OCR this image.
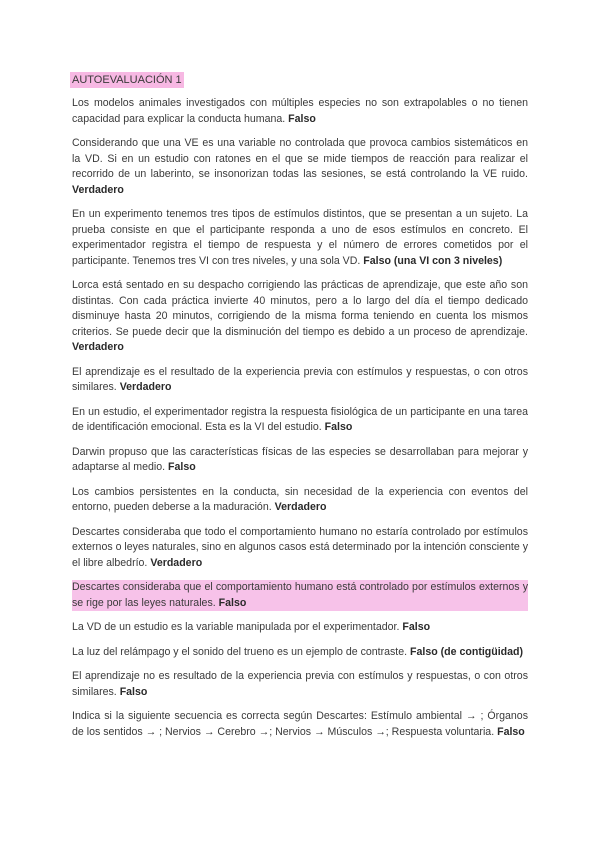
AUTOEVALUACIÓN 1

Los modelos animales investigados con múltiples especies no son extrapolables o no tienen capacidad para explicar la conducta humana. Falso

Considerando que una VE es una variable no controlada que provoca cambios sistemáticos en la VD. Si en un estudio con ratones en el que se mide tiempos de reacción para realizar el recorrido de un laberinto, se insonorizan todas las sesiones, se está controlando la VE ruido. Verdadero

En un experimento tenemos tres tipos de estímulos distintos, que se presentan a un sujeto. La prueba consiste en que el participante responda a uno de esos estímulos en concreto. El experimentador registra el tiempo de respuesta y el número de errores cometidos por el participante. Tenemos tres VI con tres niveles, y una sola VD. Falso (una VI con 3 niveles)

Lorca está sentado en su despacho corrigiendo las prácticas de aprendizaje, que este año son distintas. Con cada práctica invierte 40 minutos, pero a lo largo del día el tiempo dedicado disminuye hasta 20 minutos, corrigiendo de la misma forma teniendo en cuenta los mismos criterios. Se puede decir que la disminución del tiempo es debido a un proceso de aprendizaje. Verdadero

El aprendizaje es el resultado de la experiencia previa con estímulos y respuestas, o con otros similares. Verdadero

En un estudio, el experimentador registra la respuesta fisiológica de un participante en una tarea de identificación emocional. Esta es la VI del estudio. Falso

Darwin propuso que las características físicas de las especies se desarrollaban para mejorar y adaptarse al medio. Falso

Los cambios persistentes en la conducta, sin necesidad de la experiencia con eventos del entorno, pueden deberse a la maduración. Verdadero

Descartes consideraba que todo el comportamiento humano no estaría controlado por estímulos externos o leyes naturales, sino en algunos casos está determinado por la intención consciente y el libre albedrío. Verdadero

Descartes consideraba que el comportamiento humano está controlado por estímulos externos y se rige por las leyes naturales. Falso

La VD de un estudio es la variable manipulada por el experimentador. Falso

La luz del relámpago y el sonido del trueno es un ejemplo de contraste. Falso (de contigüidad)

El aprendizaje no es resultado de la experiencia previa con estímulos y respuestas, o con otros similares. Falso

Indica si la siguiente secuencia es correcta según Descartes: Estímulo ambiental → ; Órganos de los sentidos → ; Nervios → Cerebro →; Nervios → Músculos →; Respuesta voluntaria. Falso
